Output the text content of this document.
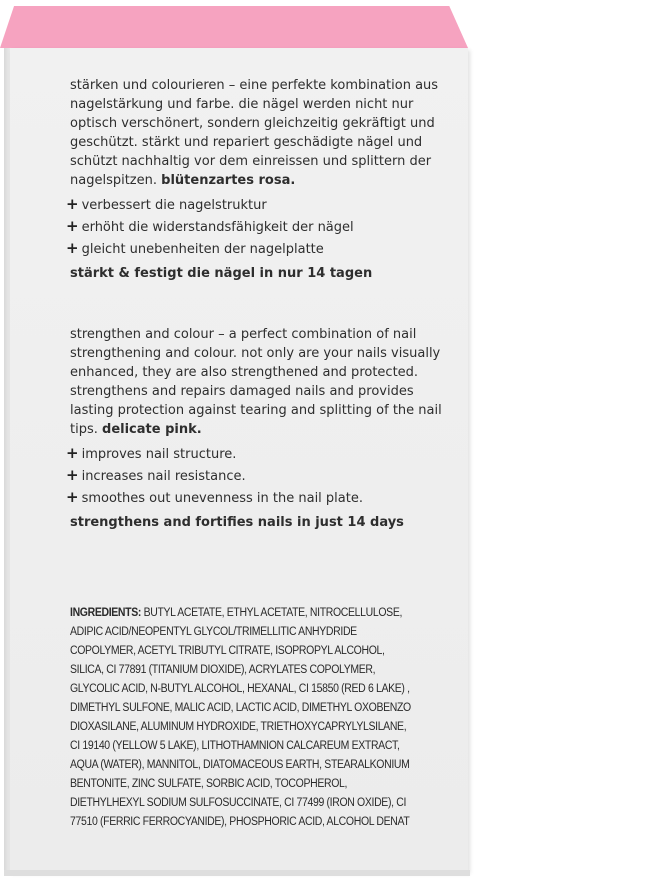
stärken und colourieren – eine perfekte kombination aus nagelstärkung und farbe. die nägel werden nicht nur optisch verschönert, sondern gleichzeitig gekräftigt und geschützt. stärkt und repariert geschädigte nägel und schützt nachhaltig vor dem einreissen und splittern der nagelspitzen. blütenzartes rosa.

+ verbessert die nagelstruktur
+ erhöht die widerstandsfähigkeit der nägel
+ gleicht unebenheiten der nagelplatte

stärkt & festigt die nägel in nur 14 tagen

strengthen and colour – a perfect combination of nail strengthening and colour. not only are your nails visually enhanced, they are also strengthened and protected. strengthens and repairs damaged nails and provides lasting protection against tearing and splitting of the nail tips. delicate pink.

+ improves nail structure.
+ increases nail resistance.
+ smoothes out unevenness in the nail plate.

strengthens and fortifies nails in just 14 days

INGREDIENTS: BUTYL ACETATE, ETHYL ACETATE, NITROCELLULOSE, ADIPIC ACID/NEOPENTYL GLYCOL/TRIMELLITIC ANHYDRIDE COPOLYMER, ACETYL TRIBUTYL CITRATE, ISOPROPYL ALCOHOL, SILICA, CI 77891 (TITANIUM DIOXIDE), ACRYLATES COPOLYMER, GLYCOLIC ACID, N-BUTYL ALCOHOL, HEXANAL, CI 15850 (RED 6 LAKE) , DIMETHYL SULFONE, MALIC ACID, LACTIC ACID, DIMETHYL OXOBENZO DIOXASILANE, ALUMINUM HYDROXIDE, TRIETHOXYCAPRYLYLSILANE, CI 19140 (YELLOW 5 LAKE), LITHOTHAMNION CALCAREUM EXTRACT, AQUA (WATER), MANNITOL, DIATOMACEOUS EARTH, STEARALKONIUM BENTONITE, ZINC SULFATE, SORBIC ACID, TOCOPHEROL, DIETHYLHEXYL SODIUM SULFOSUCCINATE, CI 77499 (IRON OXIDE), CI 77510 (FERRIC FERROCYANIDE), PHOSPHORIC ACID, ALCOHOL DENAT
